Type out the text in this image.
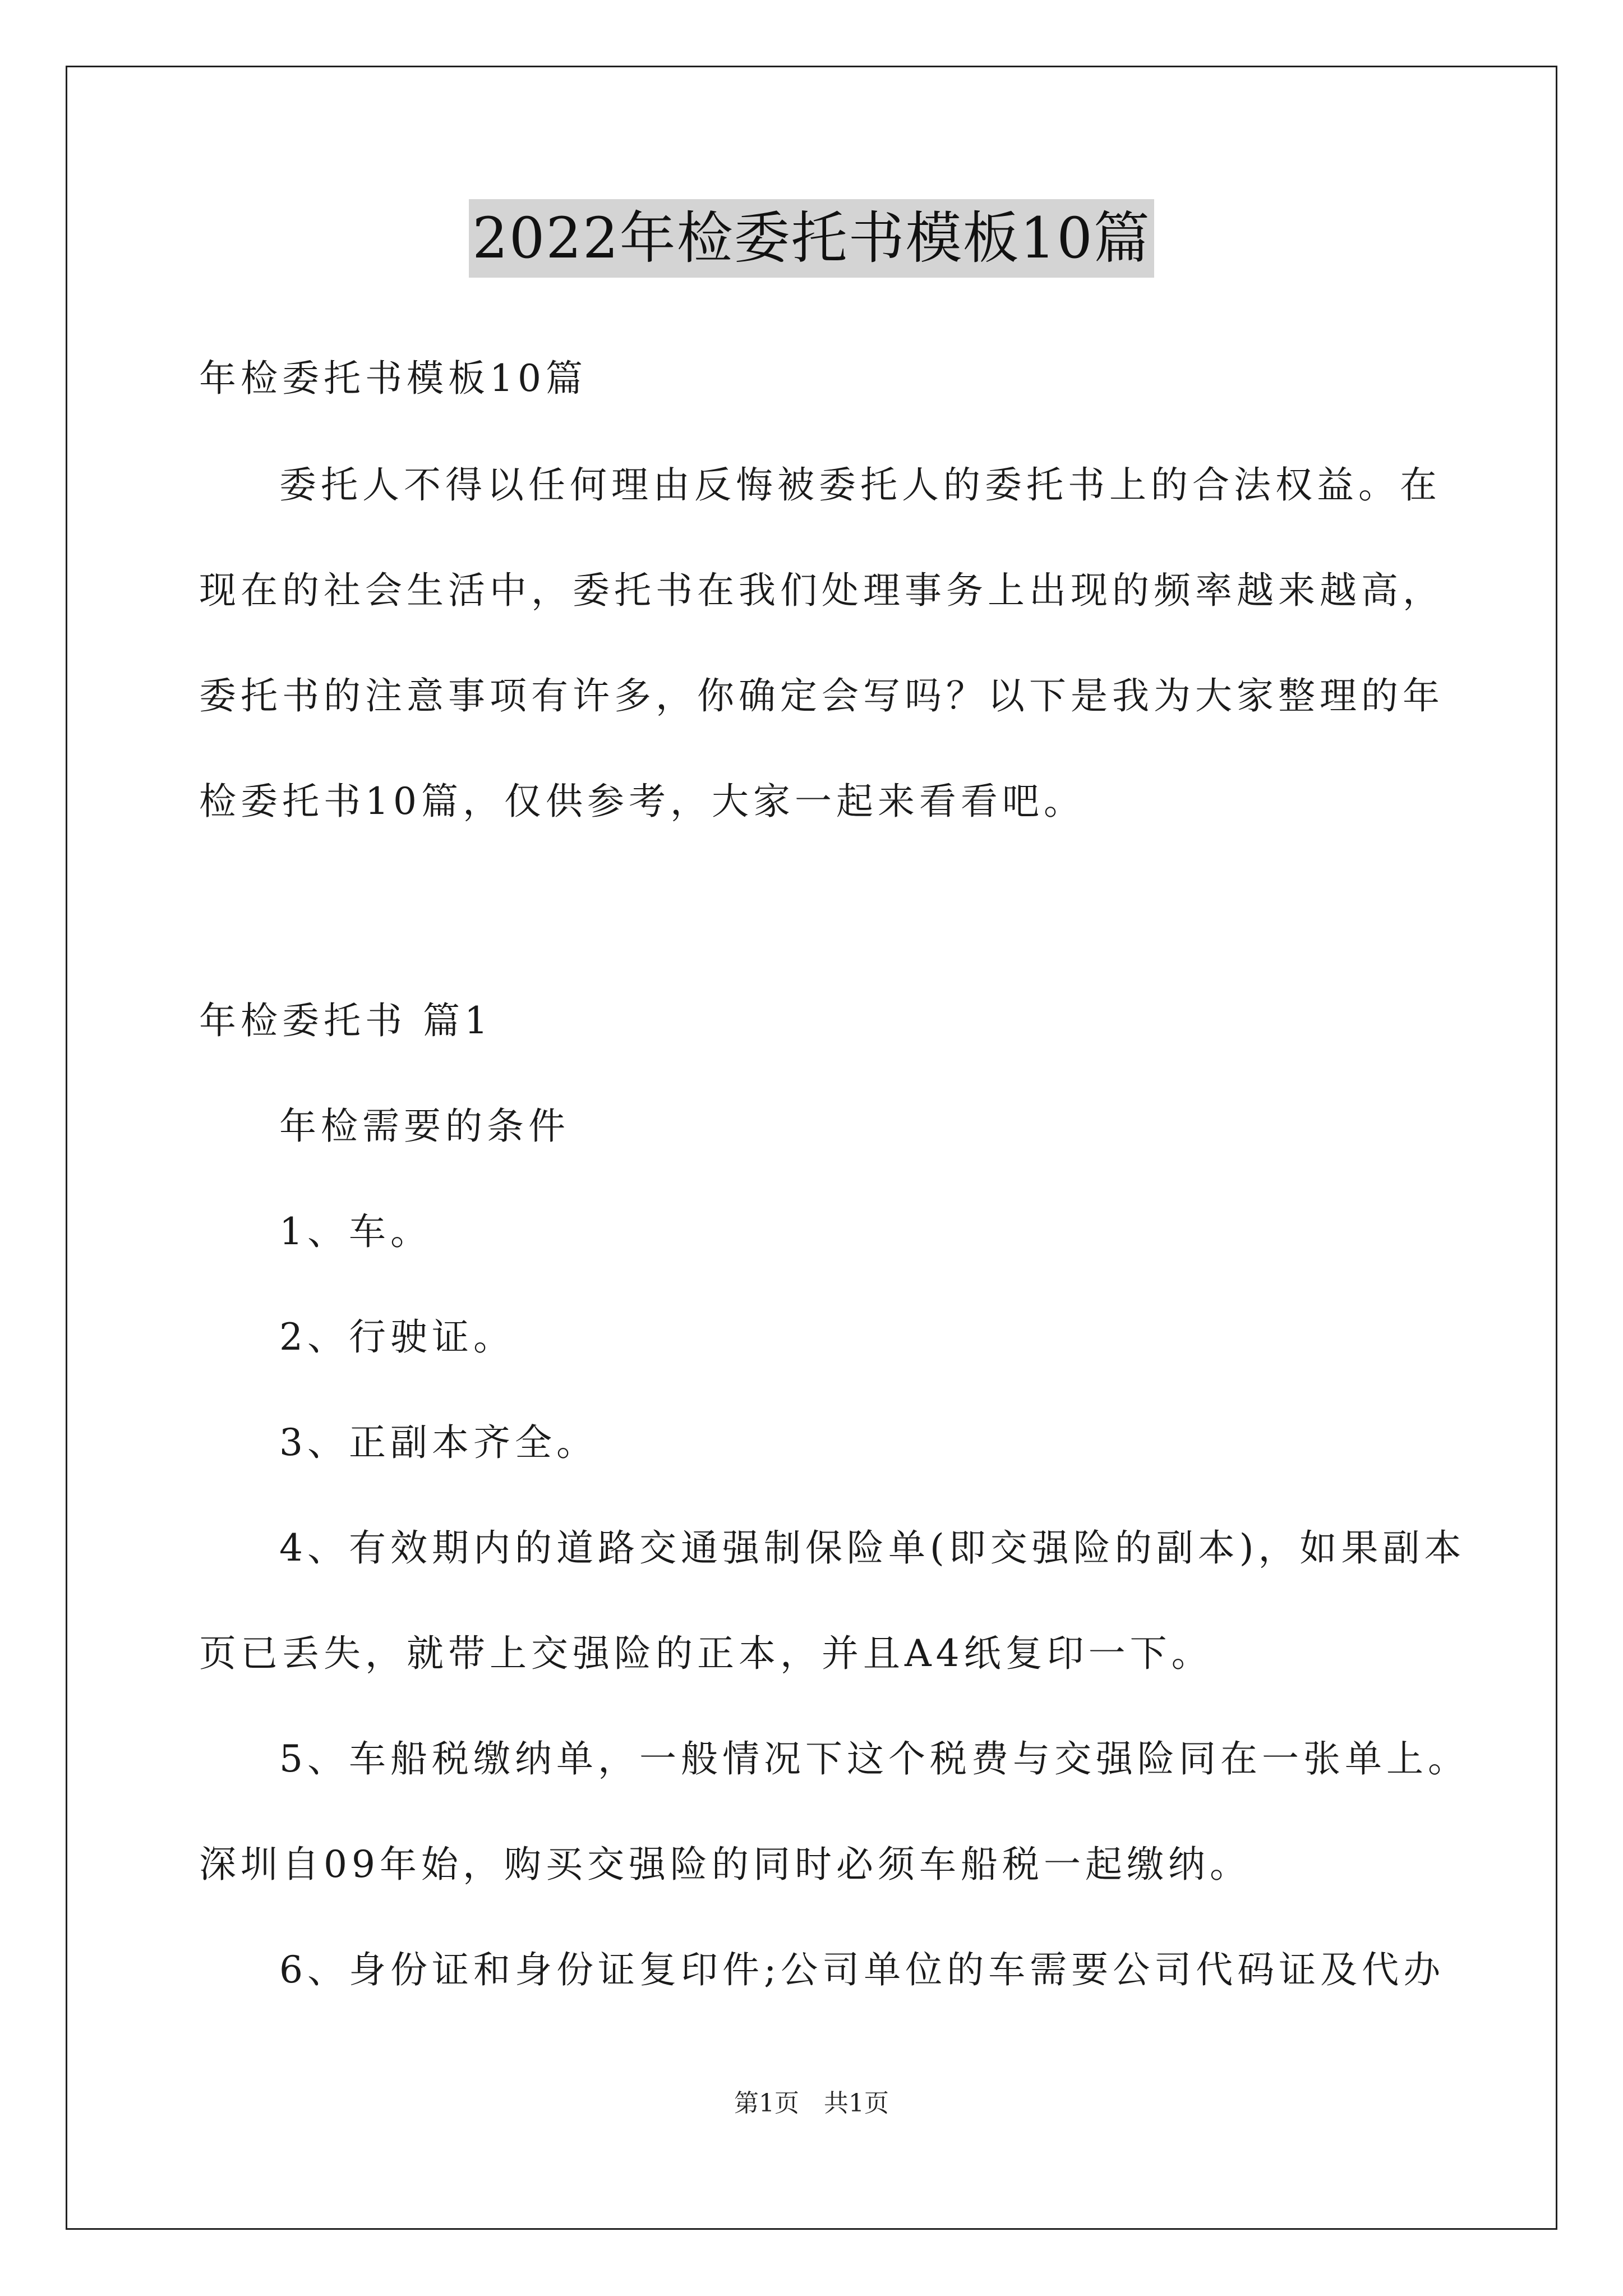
2022年检委托书模板10篇
年检委托书模板10篇
委托人不得以任何理由反悔被委托人的委托书上的合法权益。在
现在的社会生活中，委托书在我们处理事务上出现的频率越来越高，
委托书的注意事项有许多，你确定会写吗？以下是我为大家整理的年
检委托书10篇，仅供参考，大家一起来看看吧。
年检委托书 篇1
年检需要的条件
1、车。
2、行驶证。
3、正副本齐全。
4、有效期内的道路交通强制保险单(即交强险的副本)，如果副本
页已丢失，就带上交强险的正本，并且A4纸复印一下。
5、车船税缴纳单，一般情况下这个税费与交强险同在一张单上。
深圳自09年始，购买交强险的同时必须车船税一起缴纳。
6、身份证和身份证复印件;公司单位的车需要公司代码证及代办
第1页　共1页
